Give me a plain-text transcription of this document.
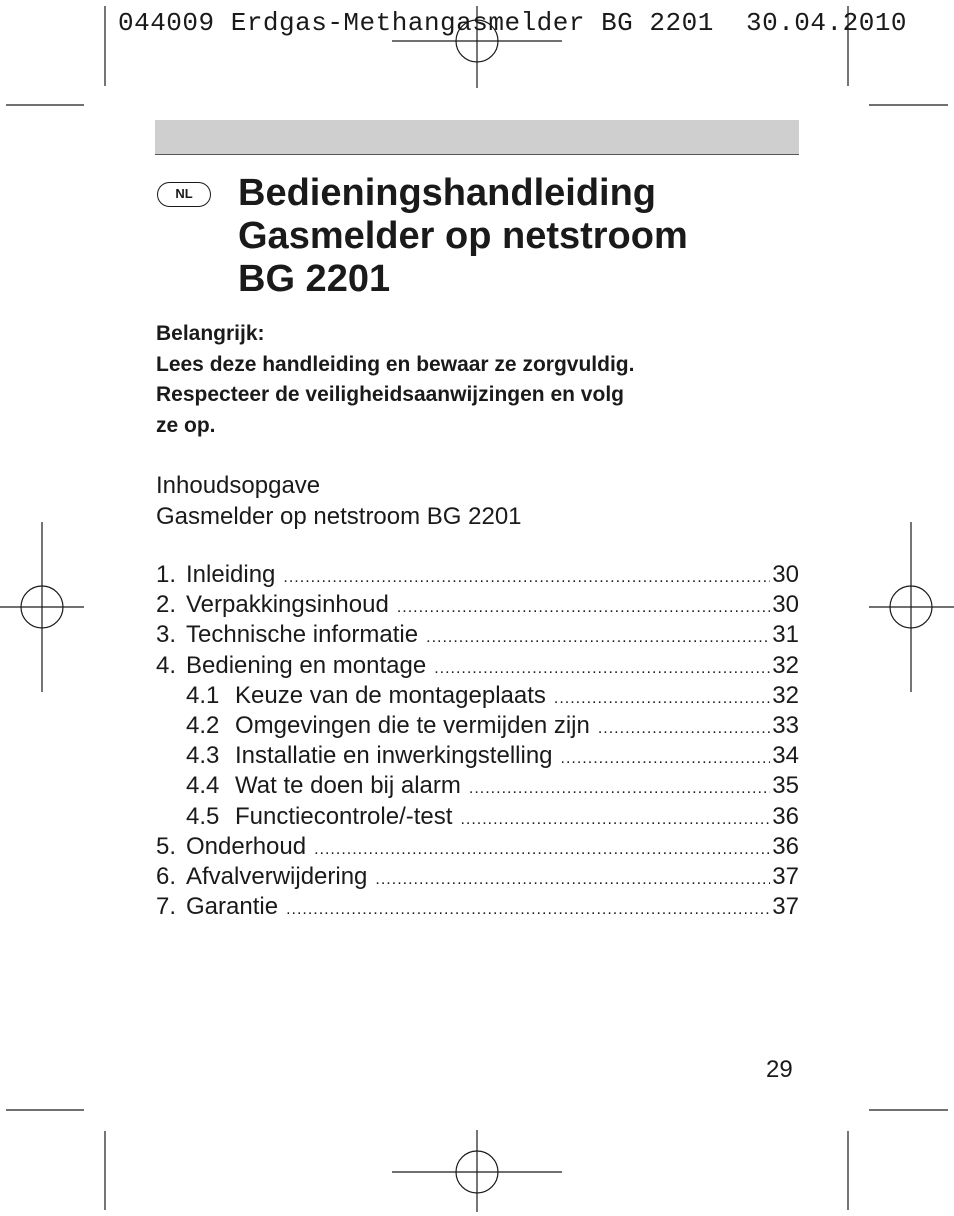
044009 Erdgas-Methangasmelder BG 2201  30.04.2010
NL	Bedieningshandleiding
Gasmelder op netstroom
BG 2201
Belangrijk:
Lees deze handleiding en bewaar ze zorgvuldig.
Respecteer de veiligheidsaanwijzingen en volg
ze op.
Inhoudsopgave
Gasmelder op netstroom BG 2201
1. Inleiding .....	30
2. Verpakkingsinhoud .....	30
3. Technische informatie .....	31
4. Bediening en montage .....	32
4.1 Keuze van de montageplaats .....	32
4.2 Omgevingen die te vermijden zijn .....	33
4.3 Installatie en inwerkingstelling .....	34
4.4 Wat te doen bij alarm .....	35
4.5 Functiecontrole/-test .....	36
5. Onderhoud .....	36
6. Afvalverwijdering .....	37
7. Garantie .....	37
29
